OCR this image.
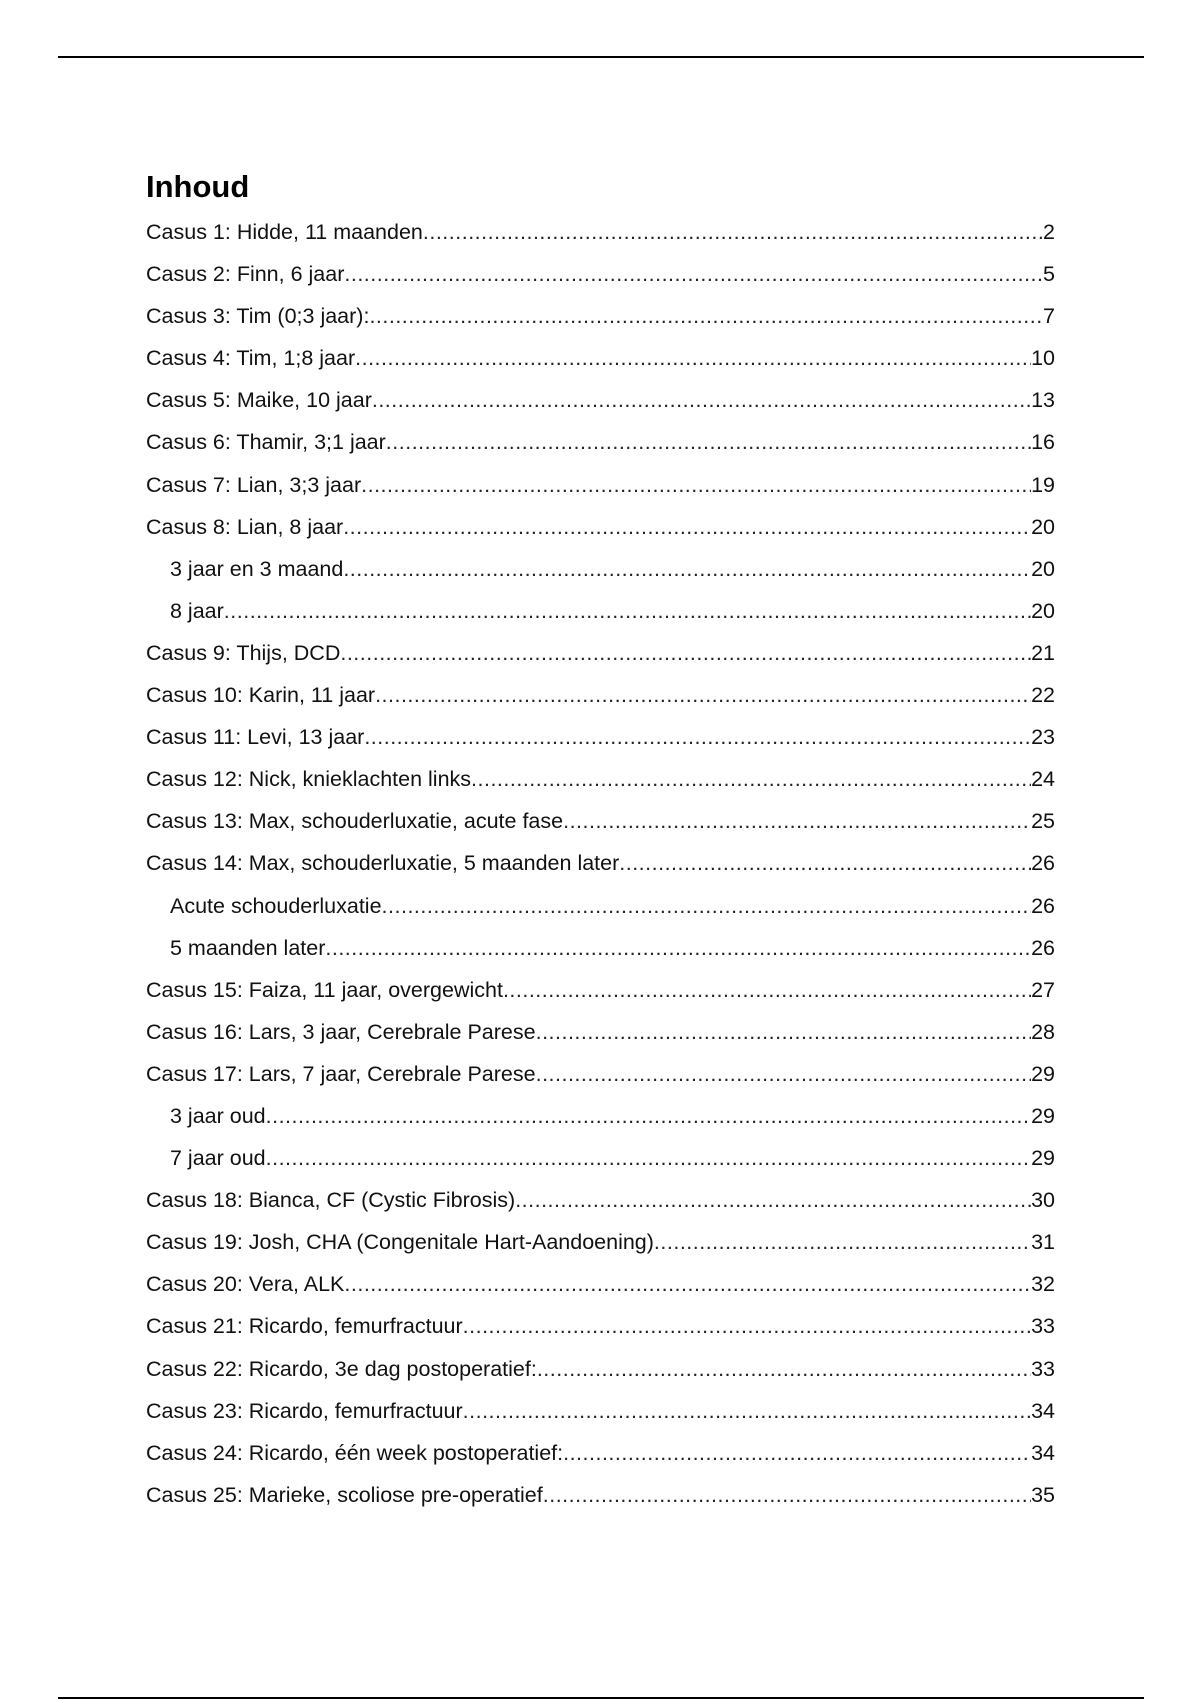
Inhoud
Casus 1: Hidde, 11 maanden .....	2
Casus 2: Finn, 6 jaar .....	5
Casus 3: Tim (0;3 jaar): .....	7
Casus 4: Tim, 1;8 jaar .....	10
Casus 5: Maike, 10 jaar .....	13
Casus 6: Thamir, 3;1 jaar .....	16
Casus 7: Lian, 3;3 jaar .....	19
Casus 8: Lian, 8 jaar .....	20
3 jaar en 3 maand .....	20
8 jaar .....	20
Casus 9: Thijs, DCD .....	21
Casus 10: Karin, 11 jaar .....	22
Casus 11: Levi, 13 jaar .....	23
Casus 12: Nick, knieklachten links .....	24
Casus 13: Max, schouderluxatie, acute fase .....	25
Casus 14: Max, schouderluxatie, 5 maanden later .....	26
Acute schouderluxatie .....	26
5 maanden later .....	26
Casus 15: Faiza, 11 jaar, overgewicht .....	27
Casus 16: Lars, 3 jaar, Cerebrale Parese .....	28
Casus 17: Lars, 7 jaar, Cerebrale Parese .....	29
3 jaar oud .....	29
7 jaar oud .....	29
Casus 18: Bianca, CF (Cystic Fibrosis) .....	30
Casus 19: Josh, CHA (Congenitale Hart-Aandoening) .....	31
Casus 20: Vera, ALK .....	32
Casus 21: Ricardo, femurfractuur .....	33
Casus 22: Ricardo, 3e dag postoperatief: .....	33
Casus 23: Ricardo, femurfractuur .....	34
Casus 24: Ricardo, één week postoperatief: .....	34
Casus 25: Marieke, scoliose pre-operatief .....	35
